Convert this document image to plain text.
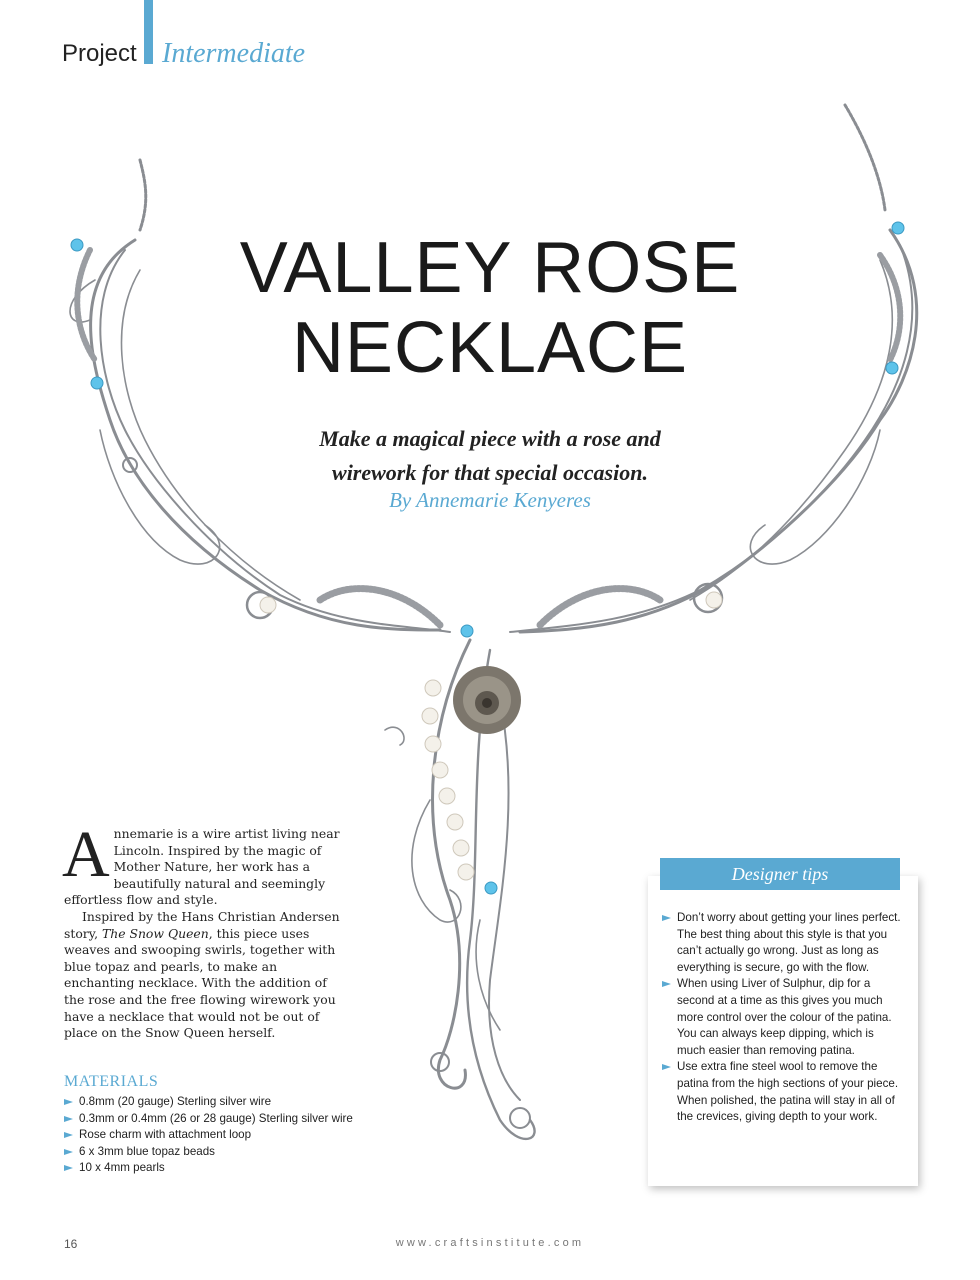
Project Intermediate
VALLEY ROSE
NECKLACE
Make a magical piece with a rose and
wirework for that special occasion.
By Annemarie Kenyeres

Annemarie is a wire artist living near Lincoln. Inspired by the magic of Mother Nature, her work has a beautifully natural and seemingly effortless flow and style.

Inspired by the Hans Christian Andersen story, The Snow Queen, this piece uses weaves and swooping swirls, together with blue topaz and pearls, to make an enchanting necklace. With the addition of the rose and the free flowing wirework you have a necklace that would not be out of place on the Snow Queen herself.

MATERIALS
0.8mm (20 gauge) Sterling silver wire
0.3mm or 0.4mm (26 or 28 gauge) Sterling silver wire
Rose charm with attachment loop
6 x 3mm blue topaz beads
10 x 4mm pearls
Designer tips
Don’t worry about getting your lines perfect. The best thing about this style is that you can’t actually go wrong. Just as long as everything is secure, go with the flow.
When using Liver of Sulphur, dip for a second at a time as this gives you much more control over the colour of the patina. You can always keep dipping, which is much easier than removing patina.
Use extra fine steel wool to remove the patina from the high sections of your piece. When polished, the patina will stay in all of the crevices, giving depth to your work.
16	www.craftsinstitute.com
